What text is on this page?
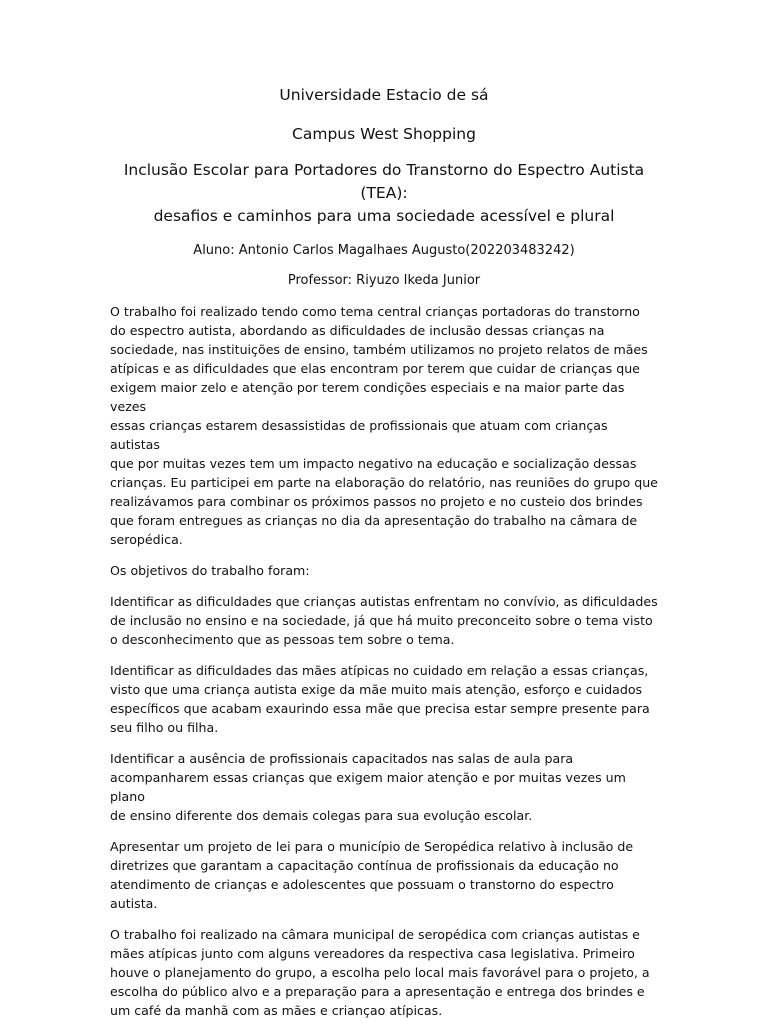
Universidade Estacio de sá

Campus West Shopping

Inclusão Escolar para Portadores do Transtorno do Espectro Autista (TEA):
desafios e caminhos para uma sociedade acessível e plural

Aluno: Antonio Carlos Magalhaes Augusto(202203483242)

Professor: Riyuzo Ikeda Junior

O trabalho foi realizado tendo como tema central crianças portadoras do transtorno
do espectro autista, abordando as dificuldades de inclusão dessas crianças na
sociedade, nas instituições de ensino, também utilizamos no projeto relatos de mães
atípicas e as dificuldades que elas encontram por terem que cuidar de crianças que
exigem maior zelo e atenção por terem condições especiais e na maior parte das vezes
essas crianças estarem desassistidas de profissionais que atuam com crianças autistas
que por muitas vezes tem um impacto negativo na educação e socialização dessas
crianças. Eu participei em parte na elaboração do relatório, nas reuniões do grupo que
realizávamos para combinar os próximos passos no projeto e no custeio dos brindes
que foram entregues as crianças no dia da apresentação do trabalho na câmara de
seropédica.

Os objetivos do trabalho foram:

Identificar as dificuldades que crianças autistas enfrentam no convívio, as dificuldades
de inclusão no ensino e na sociedade, já que há muito preconceito sobre o tema visto
o desconhecimento que as pessoas tem sobre o tema.

Identificar as dificuldades das mães atípicas no cuidado em relação a essas crianças,
visto que uma criança autista exige da mãe muito mais atenção, esforço e cuidados
específicos que acabam exaurindo essa mãe que precisa estar sempre presente para
seu filho ou filha.

Identificar a ausência de profissionais capacitados nas salas de aula para
acompanharem essas crianças que exigem maior atenção e por muitas vezes um plano
de ensino diferente dos demais colegas para sua evolução escolar.

Apresentar um projeto de lei para o município de Seropédica relativo à inclusão de
diretrizes que garantam a capacitação contínua de profissionais da educação no
atendimento de crianças e adolescentes que possuam o transtorno do espectro
autista.

O trabalho foi realizado na câmara municipal de seropédica com crianças autistas e
mães atípicas junto com alguns vereadores da respectiva casa legislativa. Primeiro
houve o planejamento do grupo, a escolha pelo local mais favorável para o projeto, a
escolha do público alvo e a preparação para a apresentação e entrega dos brindes e
um café da manhã com as mães e criançao atípicas.
